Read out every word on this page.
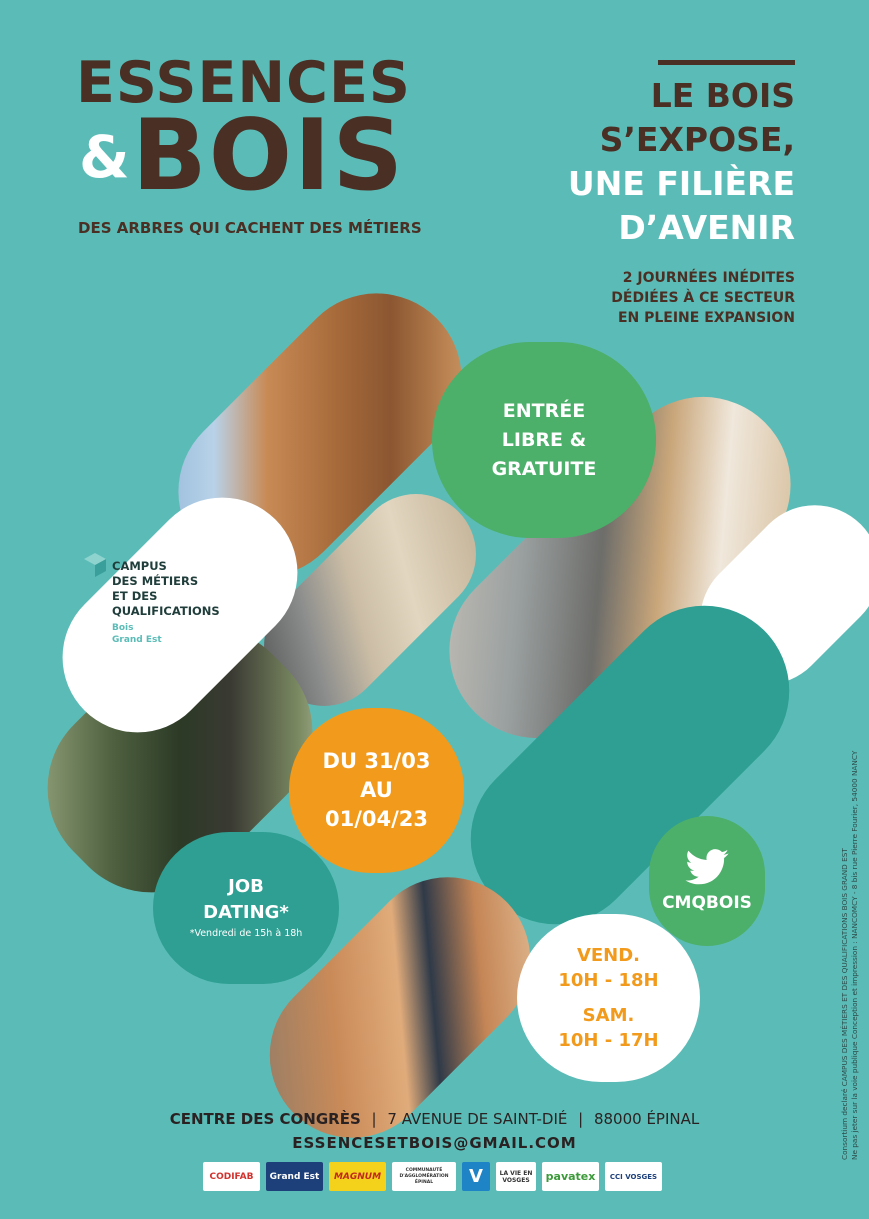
ESSENCES
& BOIS
DES ARBRES QUI CACHENT DES MÉTIERS
LE BOIS
S’EXPOSE,
UNE FILIÈRE
D’AVENIR
2 JOURNÉES INÉDITES
DÉDIÉES À CE SECTEUR
EN PLEINE EXPANSION
CAMPUS
DES MÉTIERS
ET DES
QUALIFICATIONS
Bois
Grand Est
ENTRÉE
LIBRE &
GRATUITE
DU 31/03
AU
01/04/23
JOB
DATING*
*Vendredi de 15h à 18h
CMQBOIS
VEND.
10H - 18H
SAM.
10H - 17H
CENTRE DES CONGRÈS | 7 AVENUE DE SAINT-DIÉ | 88000 ÉPINAL
ESSENCESETBOIS@GMAIL.COM
CODIFAB	Grand Est	MAGNUM
COMMUNAUTÉ D'AGGLOMÉRATION ÉPINAL	V	LA VIE EN VOSGES	pavatex	CCI VOSGES
Consortium declaré CAMPUS DES MÉTIERS ET DES QUALIFICATIONS BOIS GRAND EST Ne pas jeter sur la voie publique Conception et impression : NANCOMCY - 8 bis rue Pierre Fourier, 54000 NANCY
